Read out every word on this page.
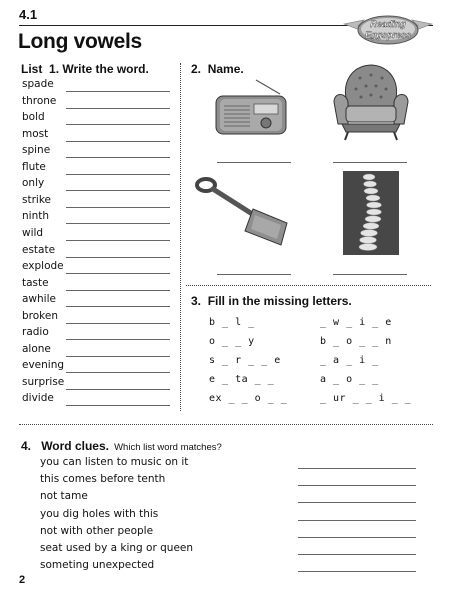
4.1
Long vowels
Reading
Eggspress
List 1. Write the word.
spade
throne
bold
most
spine
flute
only
strike
ninth
wild
estate
explode
taste
awhile
broken
radio
alone
evening
surprise
divide
2. Name.
3. Fill in the missing letters.
b _ l _
o _ _ y
s _ r _ _ e
e _ ta _ _
ex _ _ o _ _
_ w _ i _ e
b _ o _ _ n
_ a _ i _
a _ o _ _
_ ur _ _ i _ _
4. Word clues. Which list word matches?
you can listen to music on it
this comes before tenth
not tame
you dig holes with this
not with other people
seat used by a king or queen
someting unexpected
2
